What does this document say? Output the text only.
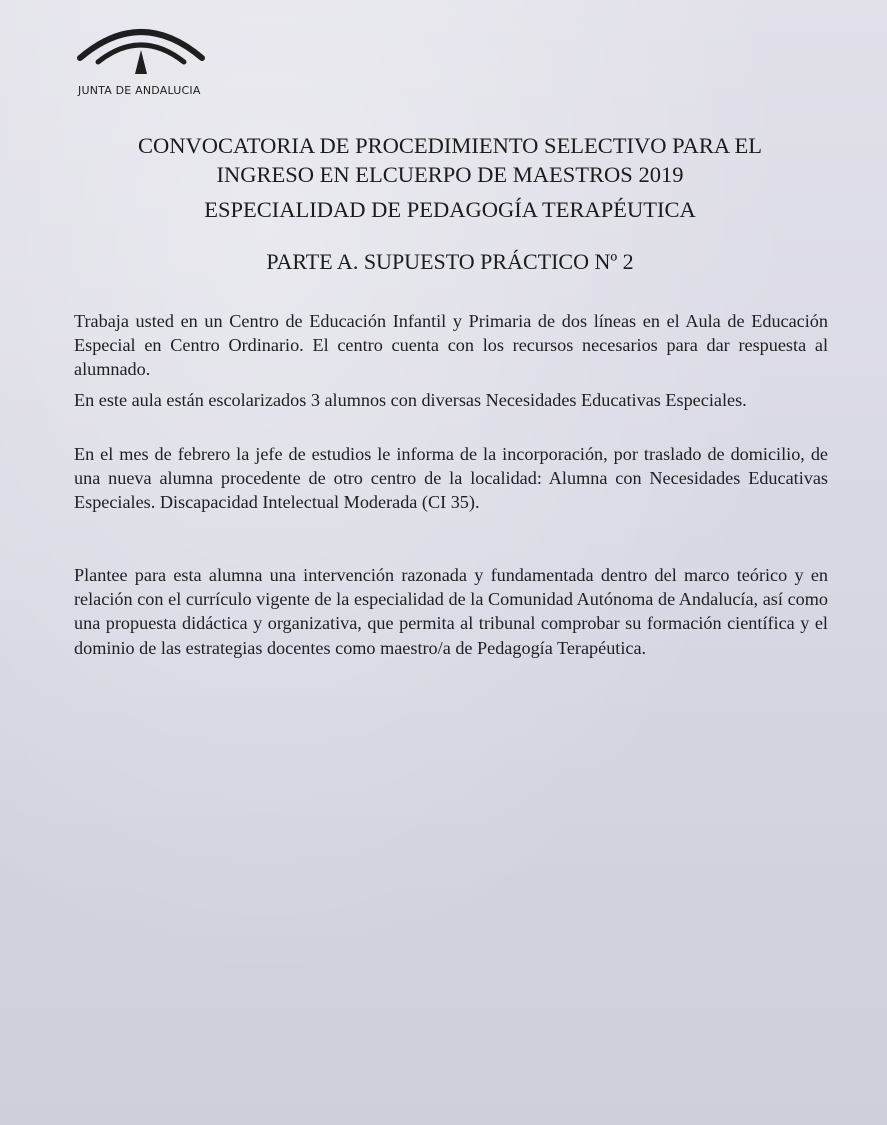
JUNTA DE ANDALUCIA
CONVOCATORIA DE PROCEDIMIENTO SELECTIVO PARA EL
INGRESO EN ELCUERPO DE MAESTROS 2019
ESPECIALIDAD DE PEDAGOGÍA TERAPÉUTICA
PARTE A. SUPUESTO PRÁCTICO Nº 2

Trabaja usted en un Centro de Educación Infantil y Primaria de dos líneas en el Aula de Educación Especial en Centro Ordinario. El centro cuenta con los recursos necesarios para dar respuesta al alumnado.

En este aula están escolarizados 3 alumnos con diversas Necesidades Educativas Especiales.

En el mes de febrero la jefe de estudios le informa de la incorporación, por traslado de domicilio, de una nueva alumna procedente de otro centro de la localidad: Alumna con Necesidades Educativas Especiales. Discapacidad Intelectual Moderada (CI 35).

Plantee para esta alumna una intervención razonada y fundamentada dentro del marco teórico y en relación con el currículo vigente de la especialidad de la Comunidad Autónoma de Andalucía, así como una propuesta didáctica y organizativa, que permita al tribunal comprobar su formación científica y el dominio de las estrategias docentes como maestro/a de Pedagogía Terapéutica.
